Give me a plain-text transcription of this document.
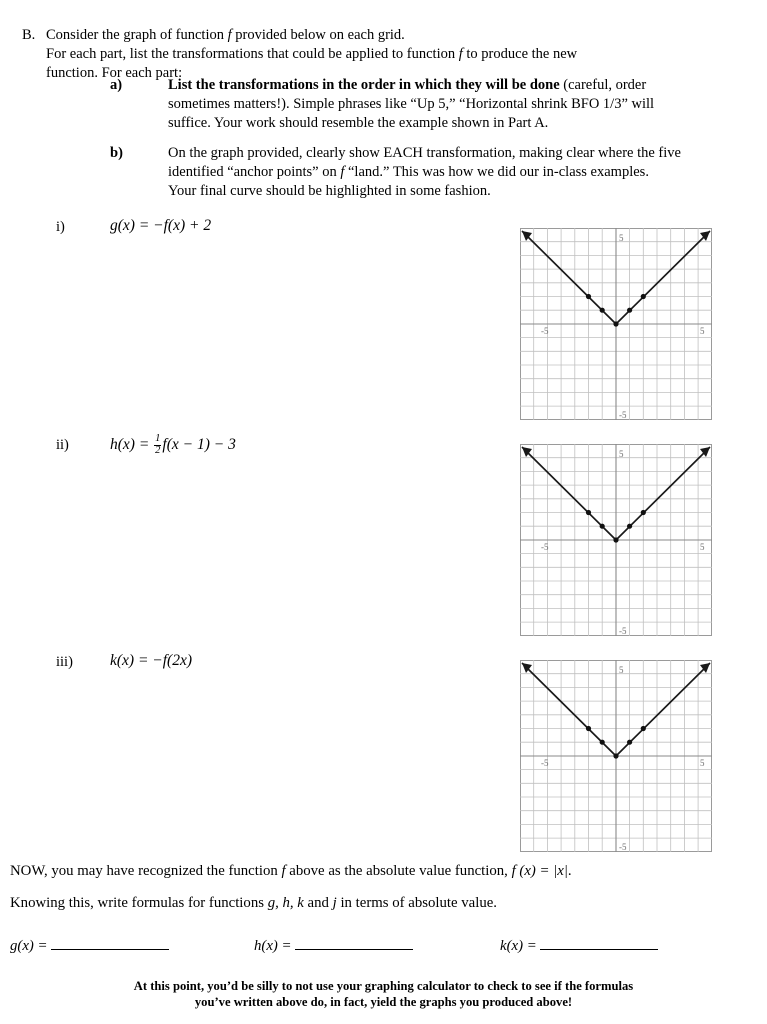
B. Consider the graph of function f provided below on each grid.
For each part, list the transformations that could be applied to function f to produce the new
function. For each part:
a)	List the transformations in the order in which they will be done (careful, order
sometimes matters!). Simple phrases like “Up 5,” “Horizontal shrink BFO 1/3” will
suffice. Your work should resemble the example shown in Part A.
b)	On the graph provided, clearly show EACH transformation, making clear where the five
identified “anchor points” on f “land.” This was how we did our in-class examples.
Your final curve should be highlighted in some fashion.
i)	g(x) = −f(x) + 2
ii)	$h(x) = \frac{1}{2} f(x - 1) - 3$
iii) k(x) = −f(2x)
5
-5
-5	5
5
-5
-5	5
5
-5
-5	5
NOW, you may have recognized the function f above as the absolute value function, f (x) = |x|.
Knowing this, write formulas for functions g, h, k and j in terms of absolute value.
g(x) =	h(x) =	k(x) =
At this point, you’d be silly to not use your graphing calculator to check to see if the formulas
you’ve written above do, in fact, yield the graphs you produced above!
